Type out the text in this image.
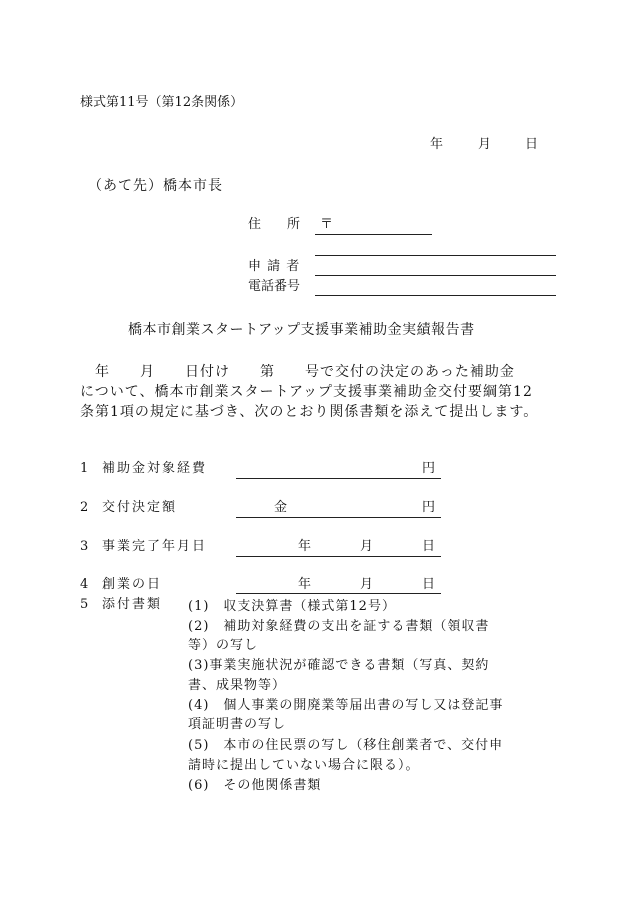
様式第11号（第12条関係）
年	月	日
（あて先）橋本市長
住　　所 〒
申 請 者
電話番号
橋本市創業スタートアップ支援事業補助金実績報告書
年　　月　　日付け　　第　　号で交付の決定のあった補助金
について、橋本市創業スタートアップ支援事業補助金交付要綱第12
条第1項の規定に基づき、次のとおり関係書類を添えて提出します。
1 補助金対象経費	円
2 交付決定額	金	円
3 事業完了年月日	年	月	日
4 創業の日	年	月	日
5 添付書類 (1)　収支決算書（様式第12号）
(2)　補助対象経費の支出を証する書類（領収書
等）の写し
(3)事業実施状況が確認できる書類（写真、契約
書、成果物等）
(4)　個人事業の開廃業等届出書の写し又は登記事
項証明書の写し
(5)　本市の住民票の写し（移住創業者で、交付申
請時に提出していない場合に限る）。
(6)　その他関係書類
